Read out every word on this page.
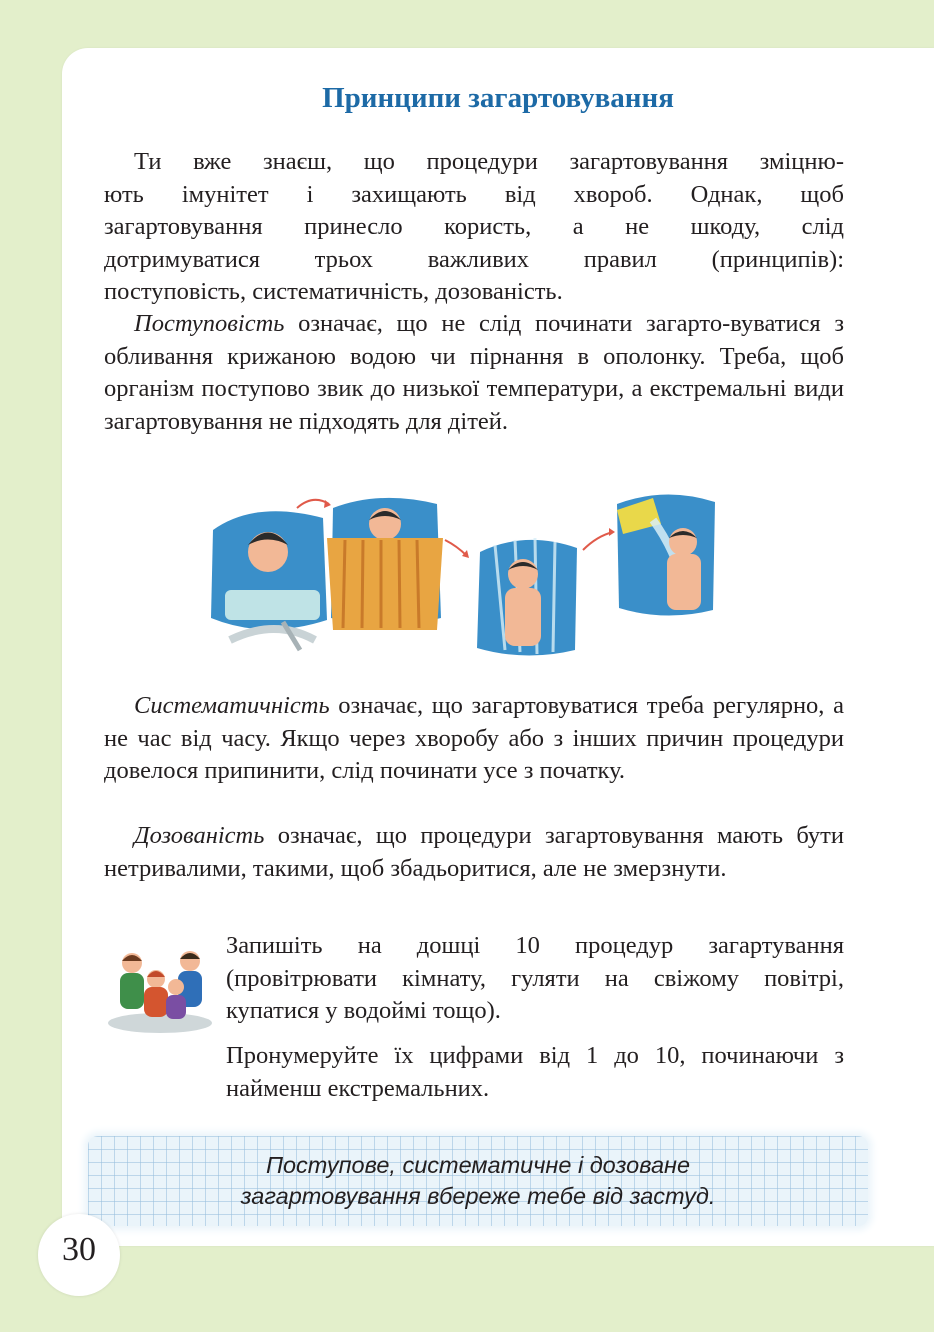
Принципи загартовування

Ти вже знаєш, що процедури загартовування зміцню-

ють імунітет і захищають від хвороб. Однак, щоб

загартовування принесло користь, а не шкоду, слід

дотримуватися трьох важливих правил (принципів):

поступовість, систематичність, дозованість.

Поступовість означає, що не слід починати загарто-вуватися з обливання крижаною водою чи пірнання в ополонку. Треба, щоб організм поступово звик до низької температури, а екстремальні види загартовування не підходять для дітей.

Систематичність означає, що загартовуватися треба регулярно, а не час від часу. Якщо через хворобу або з інших причин процедури довелося припинити, слід починати усе з початку.

Дозованість означає, що процедури загартовування мають бути нетривалими, такими, щоб збадьоритися, але не змерзнути.

Запишіть на дошці 10 процедур загартування (провітрювати кімнату, гуляти на свіжому повітрі, купатися у водоймі тощо).

Пронумеруйте їх цифрами від 1 до 10, починаючи з найменш екстремальних.

Поступове, систематичне і дозоване
загартовування вбереже тебе від застуд.

30
